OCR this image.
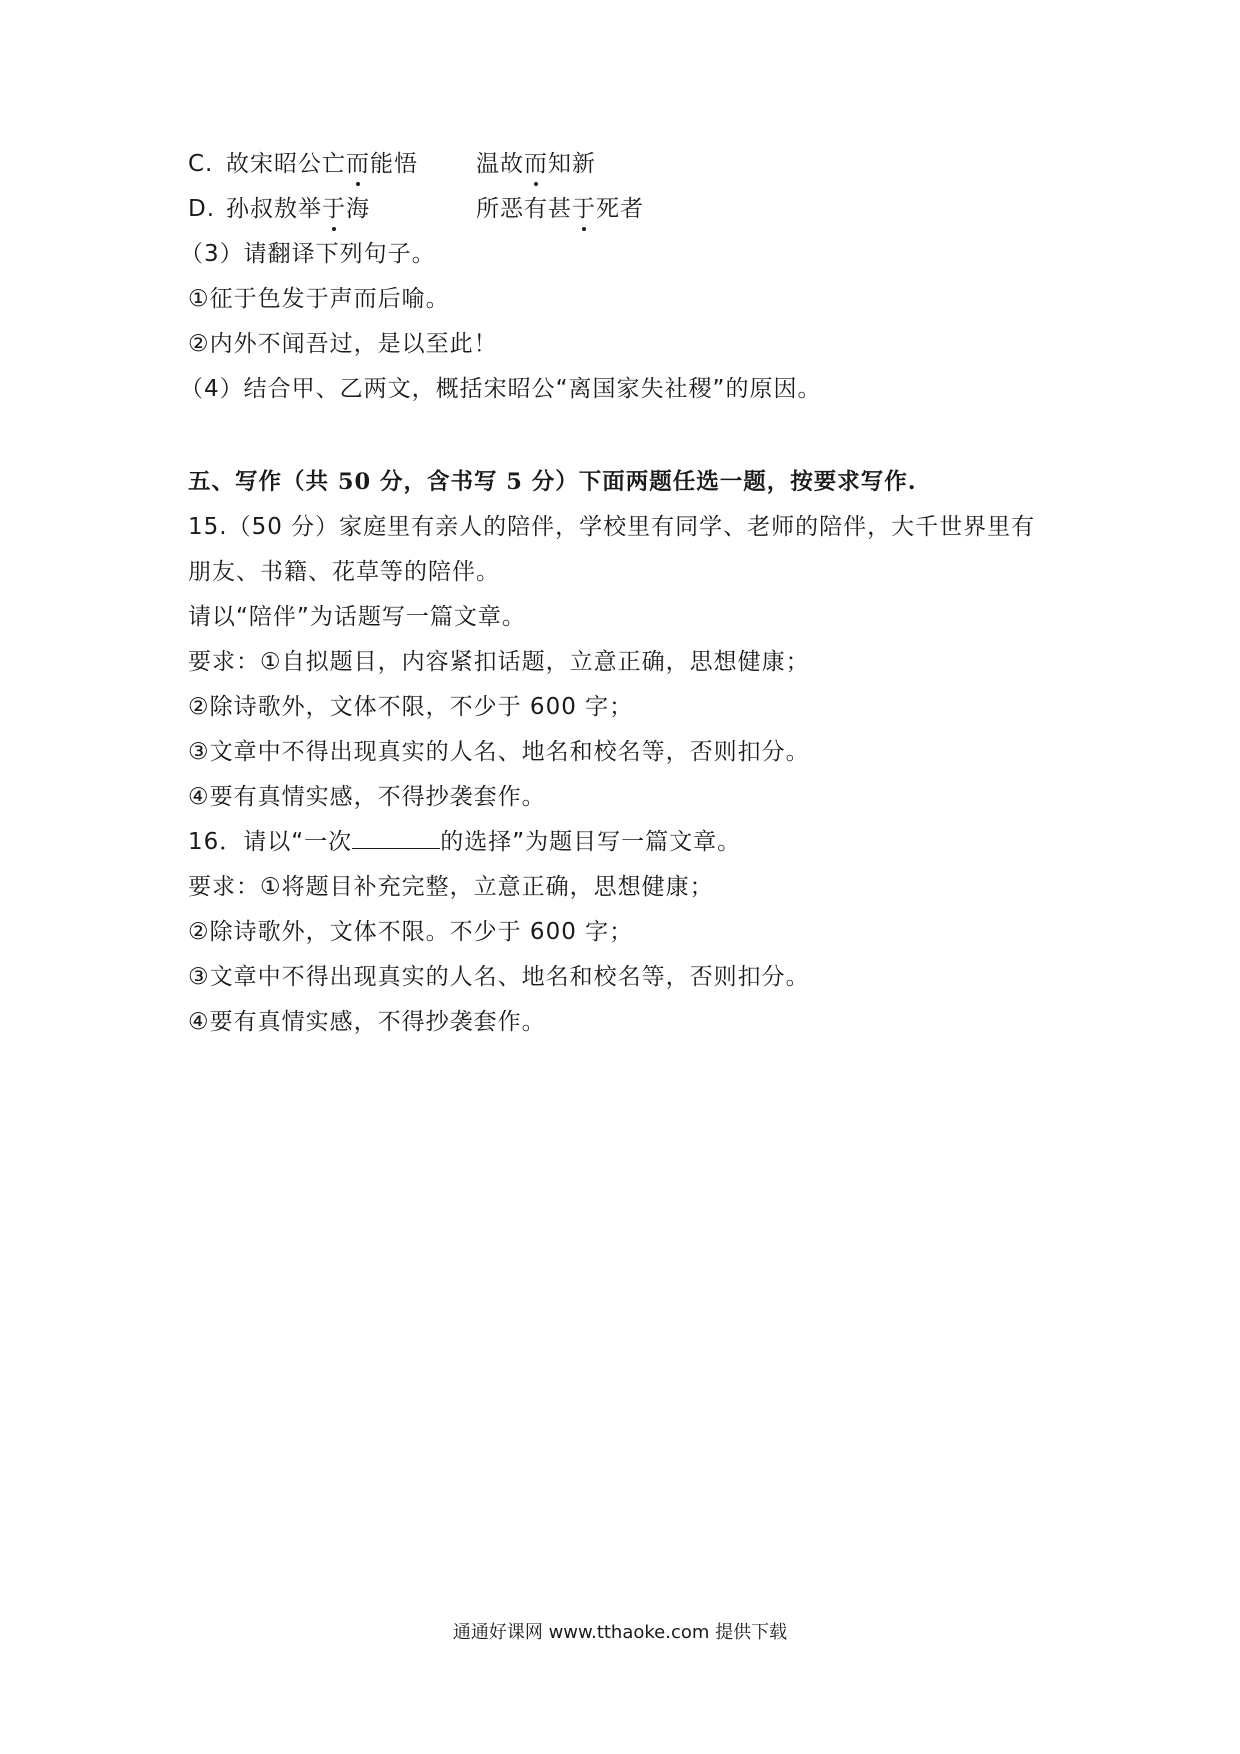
C. 故宋昭公亡而能悟	温故而知新
D. 孙叔敖举于海	所恶有甚于死者
（3）请翻译下列句子。
①征于色发于声而后喻。
②内外不闻吾过，是以至此！
（4）结合甲、乙两文，概括宋昭公“离国家失社稷”的原因。
五、写作（共 50 分，含书写 5 分）下面两题任选一题，按要求写作.
15.（50 分）家庭里有亲人的陪伴，学校里有同学、老师的陪伴，大千世界里有
朋友、书籍、花草等的陪伴。
请以“陪伴”为话题写一篇文章。
要求：①自拟题目，内容紧扣话题，立意正确，思想健康；
②除诗歌外，文体不限，不少于 600 字；
③文章中不得出现真实的人名、地名和校名等，否则扣分。
④要有真情实感，不得抄袭套作。
16．请以“一次	的选择”为题目写一篇文章。
要求：①将题目补充完整，立意正确，思想健康；
②除诗歌外，文体不限。不少于 600 字；
③文章中不得出现真实的人名、地名和校名等，否则扣分。
④要有真情实感，不得抄袭套作。
通通好课网 www.tthaoke.com 提供下载
